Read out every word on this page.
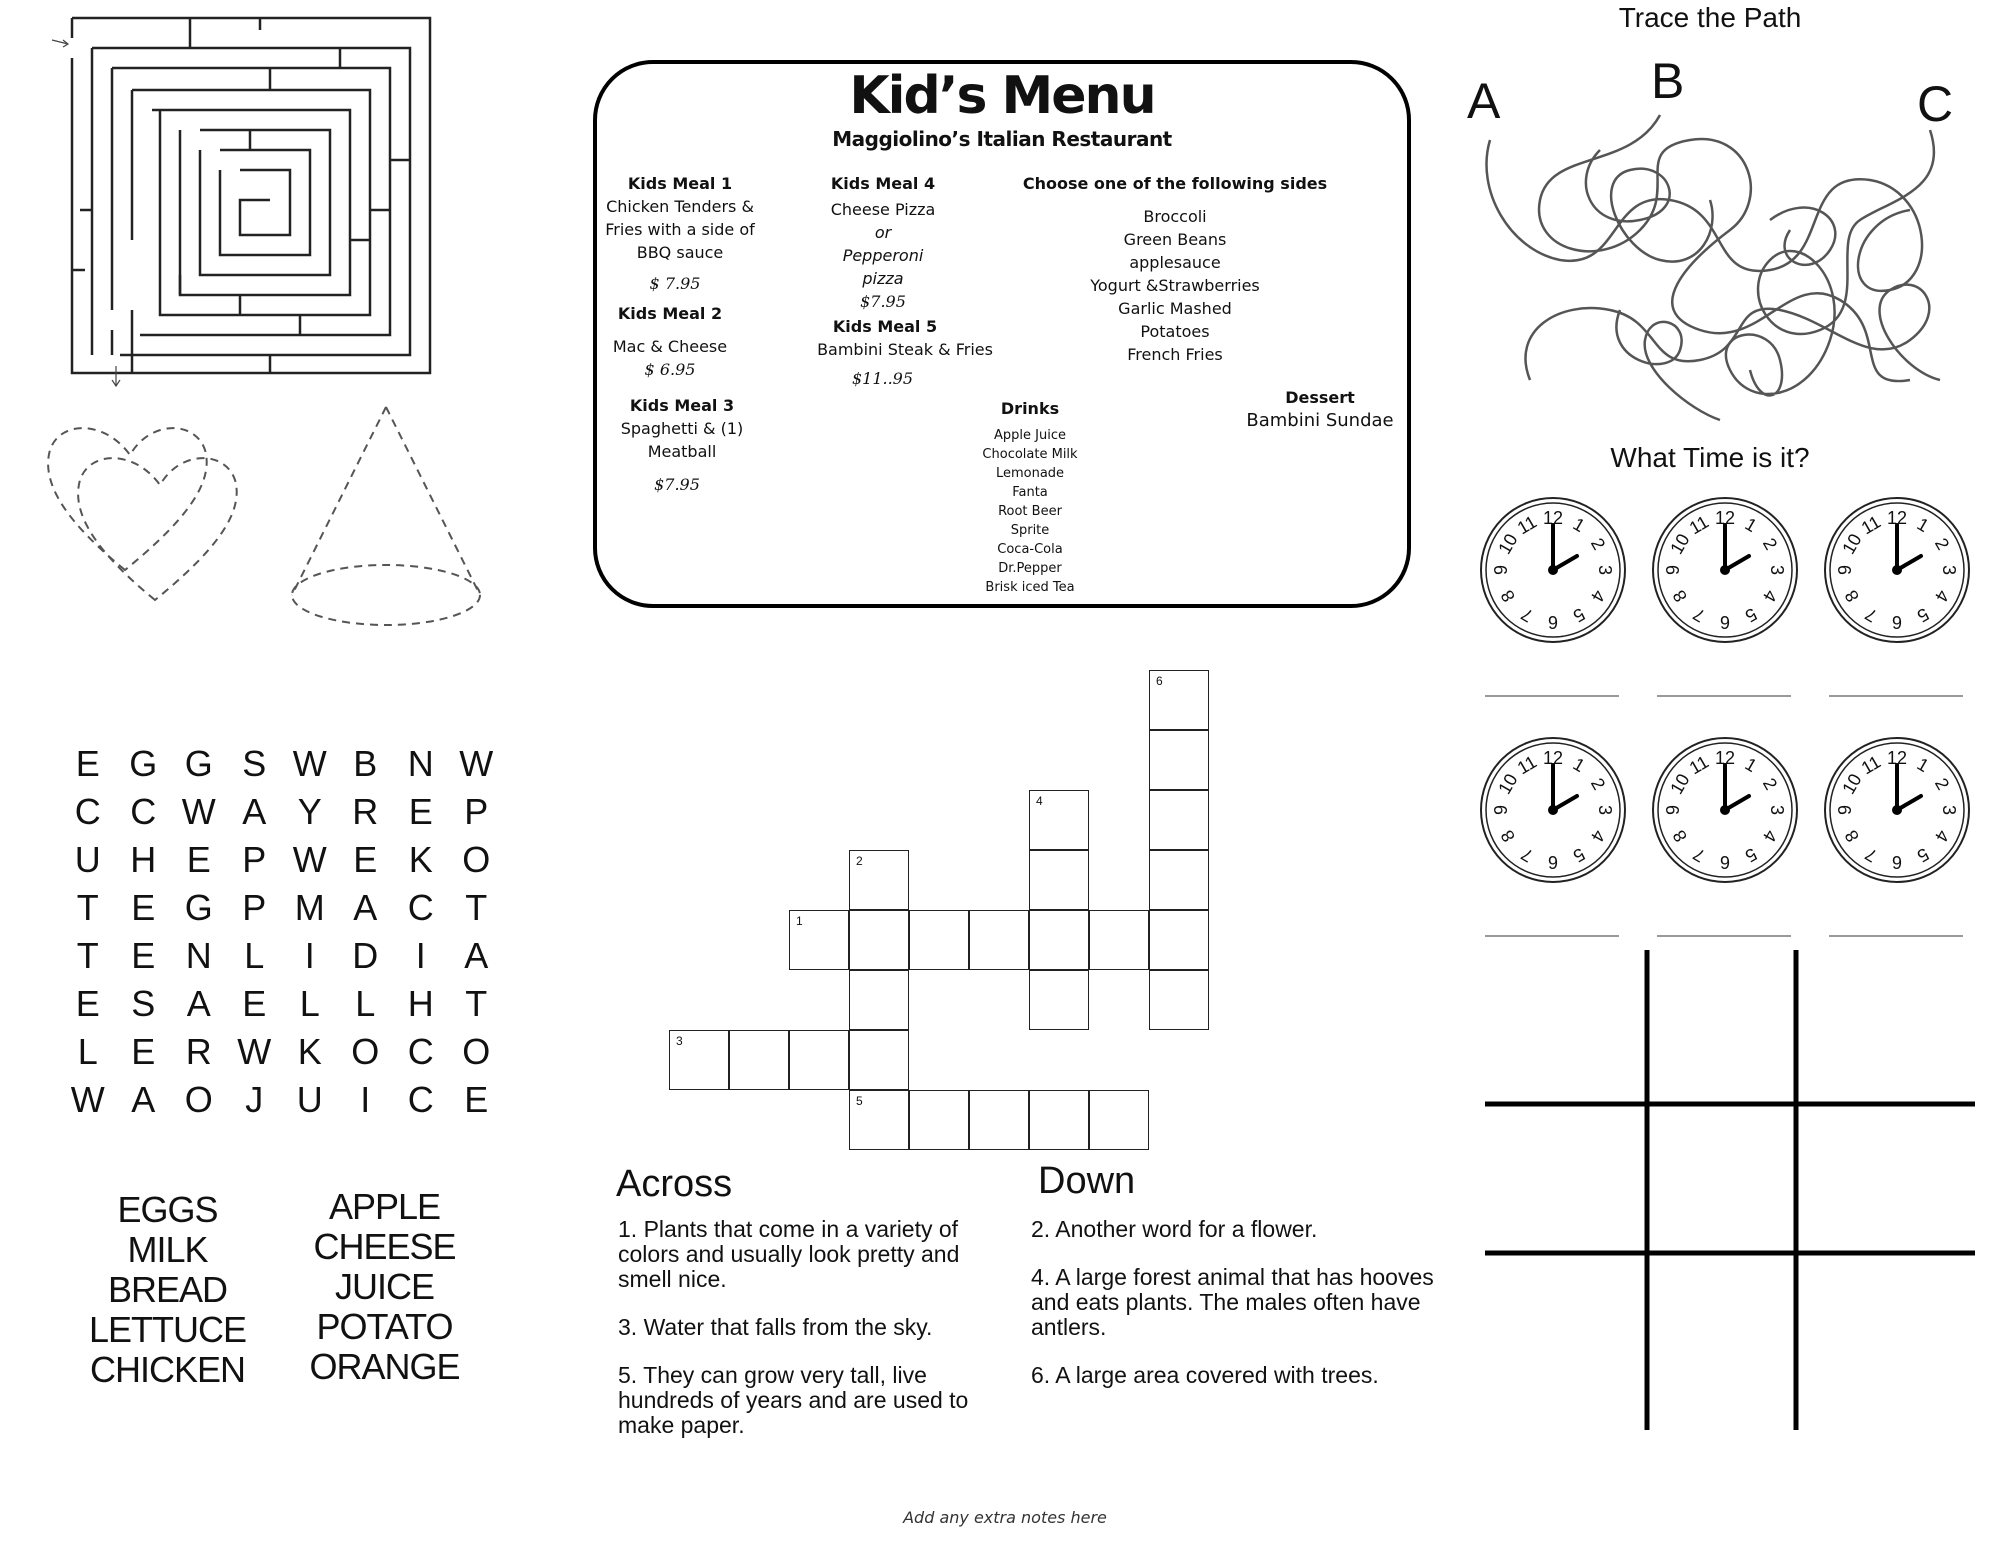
Kid’s Menu
Maggiolino’s Italian Restaurant
Kids Meal 1
Chicken Tenders &
Fries with a side of
BBQ sauce
$ 7.95
Kids Meal 2
Mac & Cheese
$ 6.95
Kids Meal 3
Spaghetti & (1)
Meatball
$7.95
Kids Meal 4
Cheese Pizza
or
Pepperoni
pizza
$7.95
Kids Meal 5
Bambini Steak & Fries
$11..95
Choose one of the following sides
Broccoli
Green Beans
applesauce
Yogurt &Strawberries
Garlic Mashed
Potatoes
French Fries
Drinks
Apple Juice
Chocolate Milk
Lemonade
Fanta
Root Beer
Sprite
Coca-Cola
Dr.Pepper
Brisk iced Tea
Dessert
Bambini Sundae
E G G S W B N W
C C W A Y R E P
U H E P W E K O
T E G P M A C T
T E N L	I	D	I	A
E S A E L L H T
L E R W K O C O
W A O J U	I	C E
EGGS
MILK
BREAD
LETTUCE
CHICKEN
APPLE
CHEESE
JUICE
POTATO
ORANGE
6
4
2
1
3
5
Across	Down

1. Plants that come in a variety of colors and usually look pretty and smell nice.

3. Water that falls from the sky.

5. They can grow very tall, live hundreds of years and are used to make paper.

2. Another word for a flower.

4. A large forest animal that has hooves and eats plants. The males often have antlers.

6. A large area covered with trees.

Trace the Path
A	B	C
What Time is it?
12 1
2
3
4
5
6
7
8
9
10
11	12 1
2
3
4
5
6
7
8
9
10
11	12 1
2
3
4
5
6
7
8
9
10
11
12 1
2
3
4
5
6
7
8
9
10
11	12 1
2
3
4
5
6
7
8
9
10
11	12 1
2
3
4
5
6
7
8
9
10
11
Add any extra notes here
